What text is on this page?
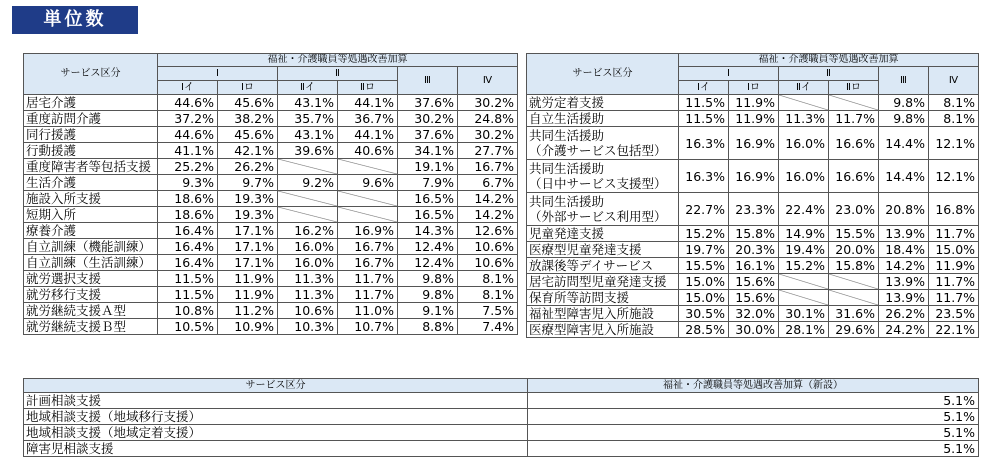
単位数
サービス区分	福祉・介護職員等処遇改善加算					
	Ⅰ		Ⅱ		Ⅲ	Ⅳ
	Ⅰイ	Ⅰロ	Ⅱイ	Ⅱロ		

居宅介護	44.6%	45.6%	43.1%	44.1%	37.6%	30.2%

重度訪問介護	37.2%	38.2%	35.7%	36.7%	30.2%	24.8%

同行援護	44.6%	45.6%	43.1%	44.1%	37.6%	30.2%

行動援護	41.1%	42.1%	39.6%	40.6%	34.1%	27.7%

重度障害者等包括支援	25.2%	26.2%			19.1%	16.7%

生活介護	9.3%	9.7%	9.2%	9.6%	7.9%	6.7%

施設入所支援	18.6%	19.3%			16.5%	14.2%

短期入所	18.6%	19.3%			16.5%	14.2%

療養介護	16.4%	17.1%	16.2%	16.9%	14.3%	12.6%

自立訓練（機能訓練）	16.4%	17.1%	16.0%	16.7%	12.4%	10.6%

自立訓練（生活訓練）	16.4%	17.1%	16.0%	16.7%	12.4%	10.6%

就労選択支援	11.5%	11.9%	11.3%	11.7%	9.8%	8.1%

就労移行支援	11.5%	11.9%	11.3%	11.7%	9.8%	8.1%

就労継続支援Ａ型	10.8%	11.2%	10.6%	11.0%	9.1%	7.5%

就労継続支援Ｂ型	10.5%	10.9%	10.3%	10.7%	8.8%	7.4%
サービス区分	福祉・介護職員等処遇改善加算					
	Ⅰ		Ⅱ		Ⅲ	Ⅳ
	Ⅰイ	Ⅰロ	Ⅱイ	Ⅱロ		

就労定着支援	11.5%	11.9%			9.8%	8.1%

自立生活援助	11.5%	11.9%	11.3%	11.7%	9.8%	8.1%

共同生活援助
（介護サービス包括型）	16.3%	16.9%	16.0%	16.6%	14.4%	12.1%

共同生活援助
（日中サービス支援型）	16.3%	16.9%	16.0%	16.6%	14.4%	12.1%

共同生活援助
（外部サービス利用型）	22.7%	23.3%	22.4%	23.0%	20.8%	16.8%

児童発達支援	15.2%	15.8%	14.9%	15.5%	13.9%	11.7%

医療型児童発達支援	19.7%	20.3%	19.4%	20.0%	18.4%	15.0%

放課後等デイサービス	15.5%	16.1%	15.2%	15.8%	14.2%	11.9%

居宅訪問型児童発達支援	15.0%	15.6%			13.9%	11.7%

保育所等訪問支援	15.0%	15.6%			13.9%	11.7%

福祉型障害児入所施設	30.5%	32.0%	30.1%	31.6%	26.2%	23.5%

医療型障害児入所施設	28.5%	30.0%	28.1%	29.6%	24.2%	22.1%
サービス区分	福祉・介護職員等処遇改善加算（新設）
計画相談支援	5.1%
地域相談支援（地域移行支援）	5.1%
地域相談支援（地域定着支援）	5.1%
障害児相談支援	5.1%
